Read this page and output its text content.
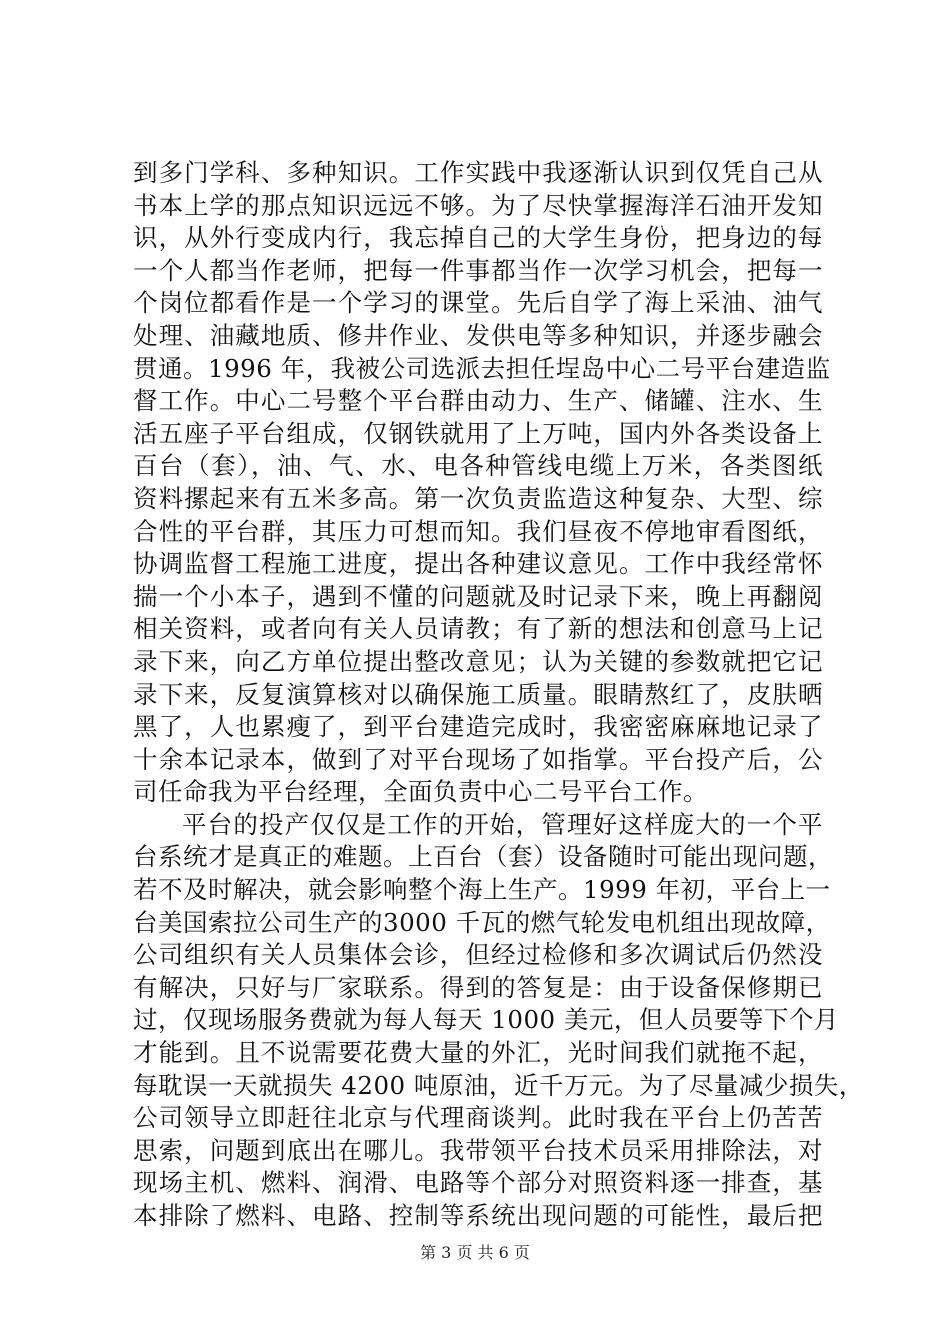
到多门学科、多种知识。工作实践中我逐渐认识到仅凭自己从
书本上学的那点知识远远不够。为了尽快掌握海洋石油开发知
识，从外行变成内行，我忘掉自己的大学生身份，把身边的每
一个人都当作老师，把每一件事都当作一次学习机会，把每一
个岗位都看作是一个学习的课堂。先后自学了海上采油、油气
处理、油藏地质、修井作业、发供电等多种知识，并逐步融会
贯通。1996 年，我被公司选派去担任埕岛中心二号平台建造监
督工作。中心二号整个平台群由动力、生产、储罐、注水、生
活五座子平台组成，仅钢铁就用了上万吨，国内外各类设备上
百台（套），油、气、水、电各种管线电缆上万米，各类图纸
资料摞起来有五米多高。第一次负责监造这种复杂、大型、综
合性的平台群，其压力可想而知。我们昼夜不停地审看图纸，
协调监督工程施工进度，提出各种建议意见。工作中我经常怀
揣一个小本子，遇到不懂的问题就及时记录下来，晚上再翻阅
相关资料，或者向有关人员请教；有了新的想法和创意马上记
录下来，向乙方单位提出整改意见；认为关键的参数就把它记
录下来，反复演算核对以确保施工质量。眼睛熬红了，皮肤晒
黑了，人也累瘦了，到平台建造完成时，我密密麻麻地记录了
十余本记录本，做到了对平台现场了如指掌。平台投产后，公
司任命我为平台经理，全面负责中心二号平台工作。
平台的投产仅仅是工作的开始，管理好这样庞大的一个平
台系统才是真正的难题。上百台（套）设备随时可能出现问题，
若不及时解决，就会影响整个海上生产。1999 年初，平台上一
台美国索拉公司生产的3000 千瓦的燃气轮发电机组出现故障，
公司组织有关人员集体会诊，但经过检修和多次调试后仍然没
有解决，只好与厂家联系。得到的答复是：由于设备保修期已
过，仅现场服务费就为每人每天 1000 美元，但人员要等下个月
才能到。且不说需要花费大量的外汇，光时间我们就拖不起，
每耽误一天就损失 4200 吨原油，近千万元。为了尽量减少损失，
公司领导立即赶往北京与代理商谈判。此时我在平台上仍苦苦
思索，问题到底出在哪儿。我带领平台技术员采用排除法，对
现场主机、燃料、润滑、电路等个部分对照资料逐一排查，基
本排除了燃料、电路、控制等系统出现问题的可能性，最后把
第 3 页 共 6 页
